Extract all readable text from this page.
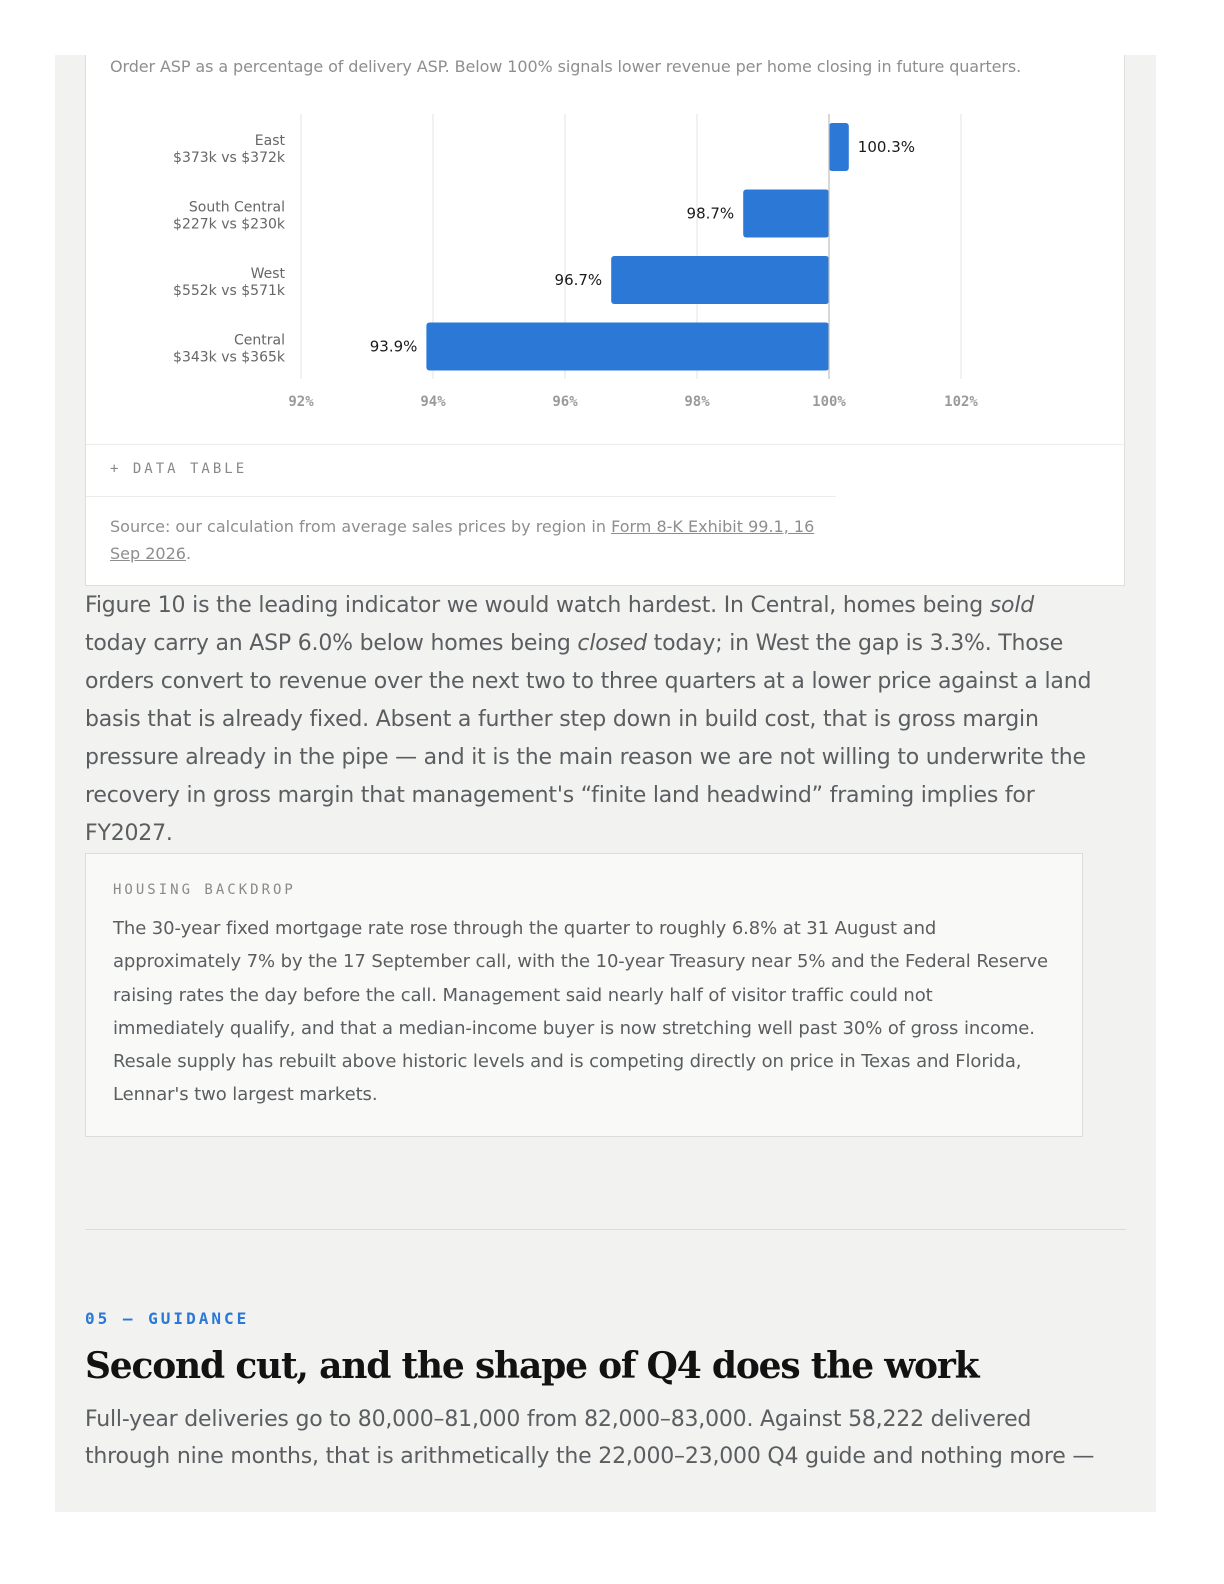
Order ASP as a percentage of delivery ASP. Below 100% signals lower revenue per home closing in future quarters.
92%	94%	96%	98%	100%	102%
100.3%
East
$373k vs $372k
98.7%
South Central
$227k vs $230k
96.7%
West
$552k vs $571k
93.9%
Central
$343k vs $365k
+ DATA TABLE
Source: our calculation from average sales prices by region in Form 8-K Exhibit 99.1, 16 Sep 2026.

Figure 10 is the leading indicator we would watch hardest. In Central, homes being sold today carry an ASP 6.0% below homes being closed today; in West the gap is 3.3%. Those orders convert to revenue over the next two to three quarters at a lower price against a land basis that is already fixed. Absent a further step down in build cost, that is gross margin pressure already in the pipe — and it is the main reason we are not willing to underwrite the recovery in gross margin that management's “finite land headwind” framing implies for FY2027.

HOUSING BACKDROP
The 30-year fixed mortgage rate rose through the quarter to roughly 6.8% at 31 August and approximately 7% by the 17 September call, with the 10-year Treasury near 5% and the Federal Reserve raising rates the day before the call. Management said nearly half of visitor traffic could not immediately qualify, and that a median-income buyer is now stretching well past 30% of gross income. Resale supply has rebuilt above historic levels and is competing directly on price in Texas and Florida, Lennar's two largest markets.
05 — GUIDANCE
Second cut, and the shape of Q4 does the work
Full-year deliveries go to 80,000–81,000 from 82,000–83,000. Against 58,222 delivered through nine months, that is arithmetically the 22,000–23,000 Q4 guide and nothing more —
